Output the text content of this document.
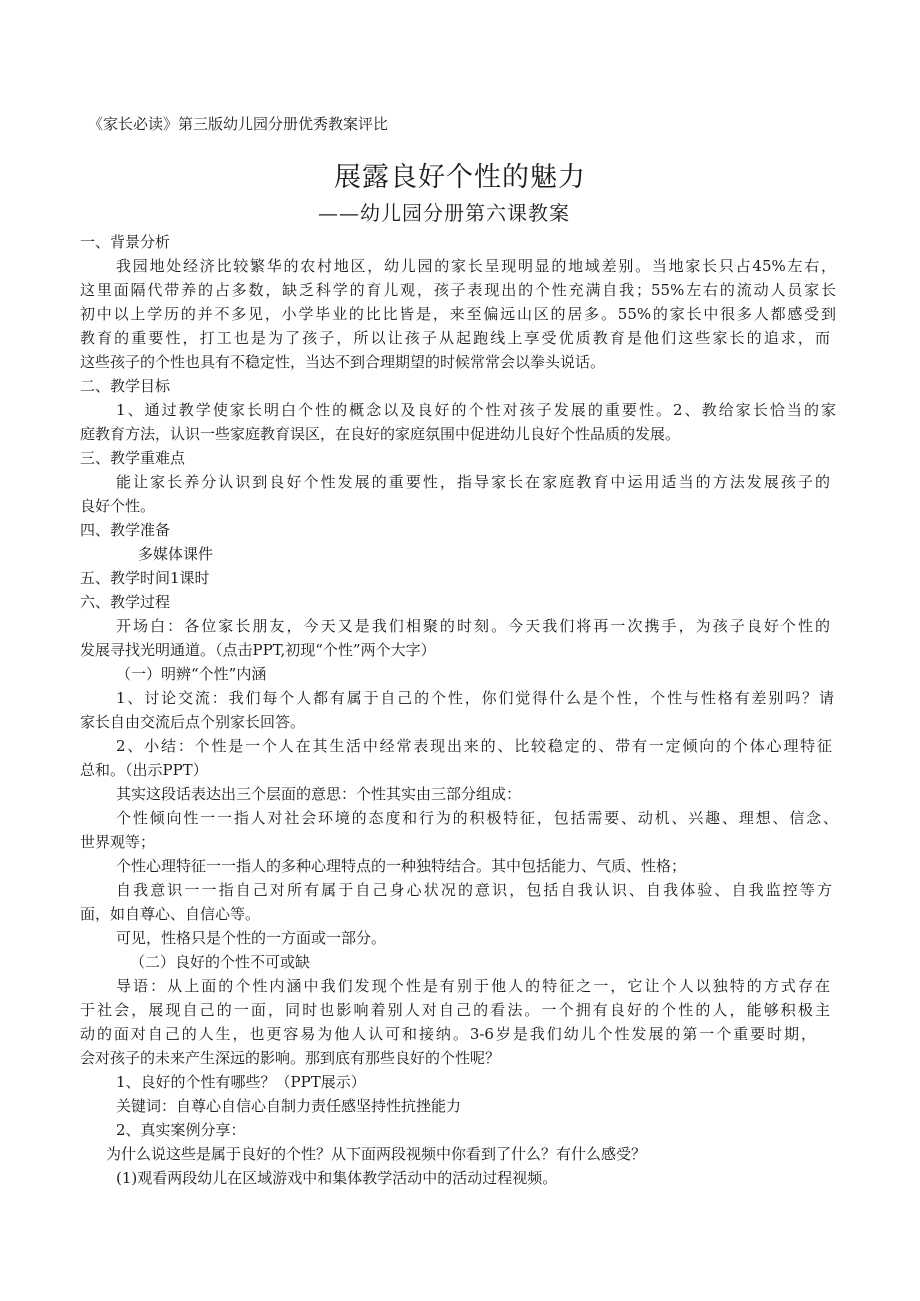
《家长必读》第三版幼儿园分册优秀教案评比
展露良好个性的魅力
——幼儿园分册第六课教案
一、背景分析
我园地处经济比较繁华的农村地区，幼儿园的家长呈现明显的地域差别。当地家长只占45%左右，
这里面隔代带养的占多数，缺乏科学的育儿观，孩子表现出的个性充满自我；55%左右的流动人员家长
初中以上学历的并不多见，小学毕业的比比皆是，来至偏远山区的居多。55%的家长中很多人都感受到
教育的重要性，打工也是为了孩子，所以让孩子从起跑线上享受优质教育是他们这些家长的追求，而
这些孩子的个性也具有不稳定性，当达不到合理期望的时候常常会以拳头说话。
二、教学目标
1、通过教学使家长明白个性的概念以及良好的个性对孩子发展的重要性。2、教给家长恰当的家
庭教育方法，认识一些家庭教育误区，在良好的家庭氛围中促进幼儿良好个性品质的发展。
三、教学重难点
能让家长养分认识到良好个性发展的重要性，指导家长在家庭教育中运用适当的方法发展孩子的
良好个性。
四、教学准备
多媒体课件
五、教学时间1课时
六、教学过程
开场白：各位家长朋友，今天又是我们相聚的时刻。今天我们将再一次携手，为孩子良好个性的
发展寻找光明通道。（点击PPT,初现“个性”两个大字）
（一）明辨“个性”内涵
1、讨论交流：我们每个人都有属于自己的个性，你们觉得什么是个性，个性与性格有差别吗？请
家长自由交流后点个别家长回答。
2、小结：个性是一个人在其生活中经常表现出来的、比较稳定的、带有一定倾向的个体心理特征
总和。（出示PPT）
其实这段话表达出三个层面的意思：个性其实由三部分组成：
个性倾向性一一指人对社会环境的态度和行为的积极特征，包括需要、动机、兴趣、理想、信念、
世界观等；
个性心理特征一一指人的多种心理特点的一种独特结合。其中包括能力、气质、性格；
自我意识一一指自己对所有属于自己身心状况的意识，包括自我认识、自我体验、自我监控等方
面，如自尊心、自信心等。
可见，性格只是个性的一方面或一部分。
（二）良好的个性不可或缺
导语：从上面的个性内涵中我们发现个性是有别于他人的特征之一，它让个人以独特的方式存在
于社会，展现自己的一面，同时也影响着别人对自己的看法。一个拥有良好的个性的人，能够积极主
动的面对自己的人生，也更容易为他人认可和接纳。3-6岁是我们幼儿个性发展的第一个重要时期，
会对孩子的未来产生深远的影响。那到底有那些良好的个性呢？
1、良好的个性有哪些？（PPT展示）
关键词：自尊心自信心自制力责任感坚持性抗挫能力
2、真实案例分享：
为什么说这些是属于良好的个性？从下面两段视频中你看到了什么？有什么感受？
(1)观看两段幼儿在区域游戏中和集体教学活动中的活动过程视频。
